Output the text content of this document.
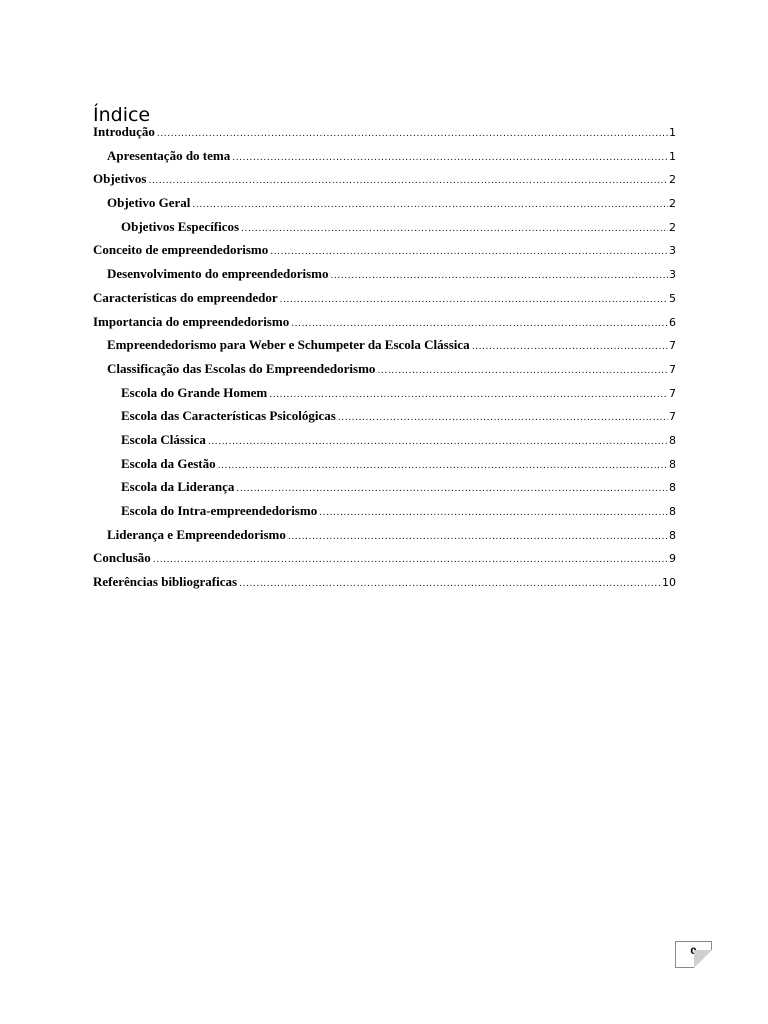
Índice
Introdução .....	1
Apresentação do tema .....	1
Objetivos .....	2
Objetivo Geral .....	2
Objetivos Específicos .....	2
Conceito de empreendedorismo .....	3
Desenvolvimento do empreendedorismo .....	3
Características do empreendedor .....	5
Importancia do empreendedorismo .....	6
Empreendedorismo para Weber e Schumpeter da Escola Clássica .....	7
Classificação das Escolas do Empreendedorismo .....	7
Escola do Grande Homem .....	7
Escola das Características Psicológicas .....	7
Escola Clássica .....	8
Escola da Gestão .....	8
Escola da Liderança .....	8
Escola do Intra-empreendedorismo .....	8
Liderança e Empreendedorismo .....	8
Conclusão .....	9
Referências bibliograficas .....	10
0
